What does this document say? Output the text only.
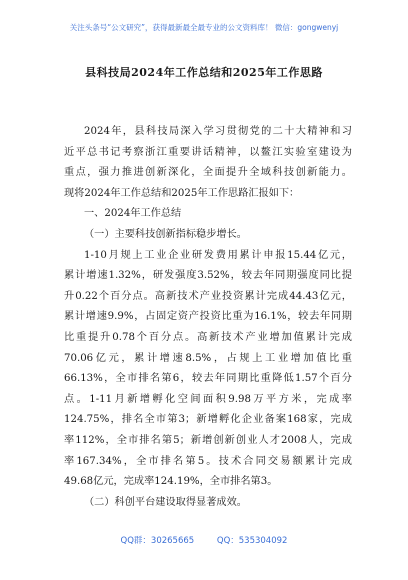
关注头条号“公文研究”，获得最新最全最专业的公文资料库！ 微信：gongwenyj
县科技局2024年工作总结和2025年工作思路
2024年，县科技局深入学习贯彻党的二十大精神和习
近平总书记考察浙江重要讲话精神，以鳌江实验室建设为
重点，强力推进创新深化，全面提升全域科技创新能力。
现将2024年工作总结和2025年工作思路汇报如下：
一、2024年工作总结
（一）主要科技创新指标稳步增长。
1-10月规上工业企业研发费用累计申报15.44亿元，
累计增速1.32%，研发强度3.52%，较去年同期强度同比提
升0.22个百分点。高新技术产业投资累计完成44.43亿元，
累计增速9.9%，占固定资产投资比重为16.1%，较去年同期
比重提升0.78个百分点。高新技术产业增加值累计完成
70.06亿元，累计增速8.5%，占规上工业增加值比重
66.13%，全市排名第6，较去年同期比重降低1.57个百分
点。1-11月新增孵化空间面积9.98万平方米，完成率
124.75%，排名全市第3；新增孵化企业备案168家，完成
率112%，全市排名第5；新增创新创业人才2008人，完成
率167.34%，全市排名第5。技术合同交易额累计完成
49.68亿元，完成率124.19%，全市排名第3。
（二）科创平台建设取得显著成效。
QQ群：30265665	QQ：535304092
